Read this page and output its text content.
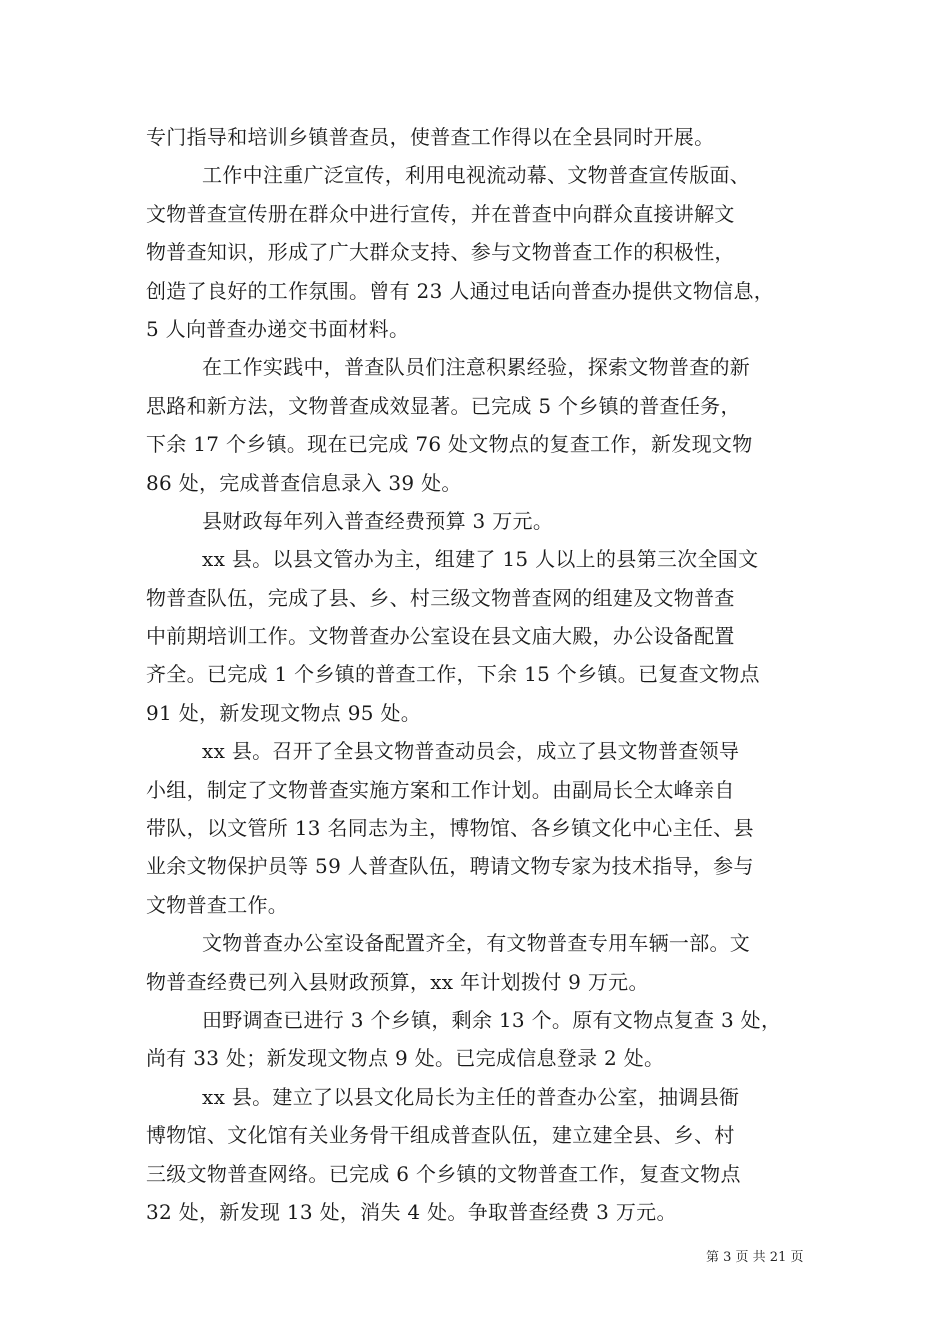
专门指导和培训乡镇普查员，使普查工作得以在全县同时开展。
工作中注重广泛宣传，利用电视流动幕、文物普查宣传版面、
文物普查宣传册在群众中进行宣传，并在普查中向群众直接讲解文
物普查知识，形成了广大群众支持、参与文物普查工作的积极性，
创造了良好的工作氛围。曾有 23 人通过电话向普查办提供文物信息，
5 人向普查办递交书面材料。
在工作实践中，普查队员们注意积累经验，探索文物普查的新
思路和新方法，文物普查成效显著。已完成 5 个乡镇的普查任务，
下余 17 个乡镇。现在已完成 76 处文物点的复查工作，新发现文物
86 处，完成普查信息录入 39 处。
县财政每年列入普查经费预算 3 万元。
xx 县。以县文管办为主，组建了 15 人以上的县第三次全国文
物普查队伍，完成了县、乡、村三级文物普查网的组建及文物普查
中前期培训工作。文物普查办公室设在县文庙大殿，办公设备配置
齐全。已完成 1 个乡镇的普查工作，下余 15 个乡镇。已复查文物点
91 处，新发现文物点 95 处。
xx 县。召开了全县文物普查动员会，成立了县文物普查领导
小组，制定了文物普查实施方案和工作计划。由副局长仝太峰亲自
带队，以文管所 13 名同志为主，博物馆、各乡镇文化中心主任、县
业余文物保护员等 59 人普查队伍，聘请文物专家为技术指导，参与
文物普查工作。
文物普查办公室设备配置齐全，有文物普查专用车辆一部。文
物普查经费已列入县财政预算，xx 年计划拨付 9 万元。
田野调查已进行 3 个乡镇，剩余 13 个。原有文物点复查 3 处，
尚有 33 处；新发现文物点 9 处。已完成信息登录 2 处。
xx 县。建立了以县文化局长为主任的普查办公室，抽调县衙
博物馆、文化馆有关业务骨干组成普查队伍，建立建全县、乡、村
三级文物普查网络。已完成 6 个乡镇的文物普查工作，复查文物点
32 处，新发现 13 处，消失 4 处。争取普查经费 3 万元。
第 3 页 共 21 页
